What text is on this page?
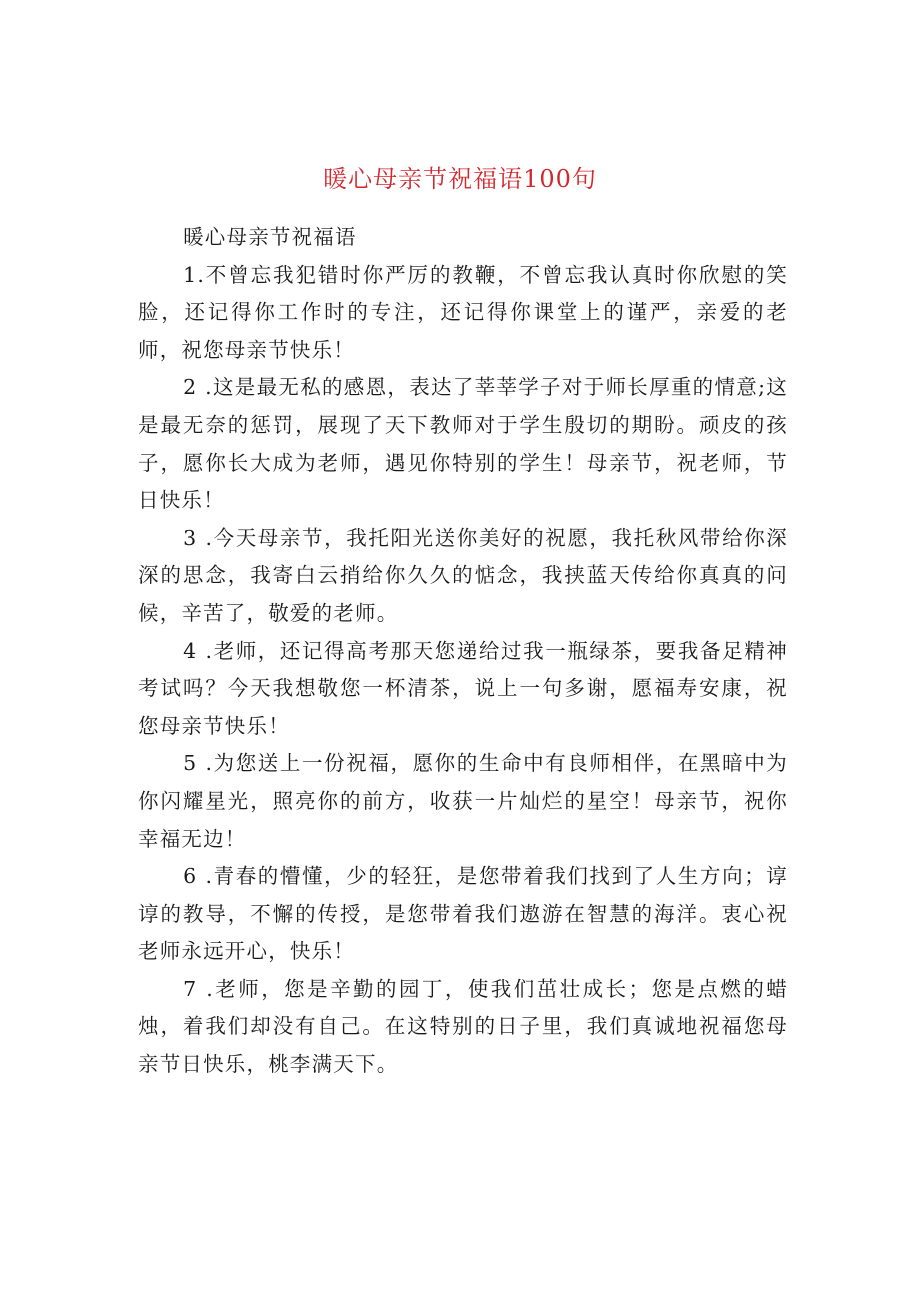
暖心母亲节祝福语100句

暖心母亲节祝福语

1.不曾忘我犯错时你严厉的教鞭，不曾忘我认真时你欣慰的笑脸，还记得你工作时的专注，还记得你课堂上的谨严，亲爱的老师，祝您母亲节快乐！

2 .这是最无私的感恩，表达了莘莘学子对于师长厚重的情意;这是最无奈的惩罚，展现了天下教师对于学生殷切的期盼。顽皮的孩子，愿你长大成为老师，遇见你特别的学生！母亲节，祝老师，节日快乐！

3 .今天母亲节，我托阳光送你美好的祝愿，我托秋风带给你深深的思念，我寄白云捎给你久久的惦念，我挟蓝天传给你真真的问候，辛苦了，敬爱的老师。

4 .老师，还记得高考那天您递给过我一瓶绿茶，要我备足精神考试吗？今天我想敬您一杯清茶，说上一句多谢，愿福寿安康，祝您母亲节快乐！

5 .为您送上一份祝福，愿你的生命中有良师相伴，在黑暗中为你闪耀星光，照亮你的前方，收获一片灿烂的星空！母亲节，祝你幸福无边！

6 .青春的懵懂，少的轻狂，是您带着我们找到了人生方向；谆谆的教导，不懈的传授，是您带着我们遨游在智慧的海洋。衷心祝老师永远开心，快乐！

7 .老师，您是辛勤的园丁，使我们茁壮成长；您是点燃的蜡烛，着我们却没有自己。在这特别的日子里，我们真诚地祝福您母亲节日快乐，桃李满天下。
